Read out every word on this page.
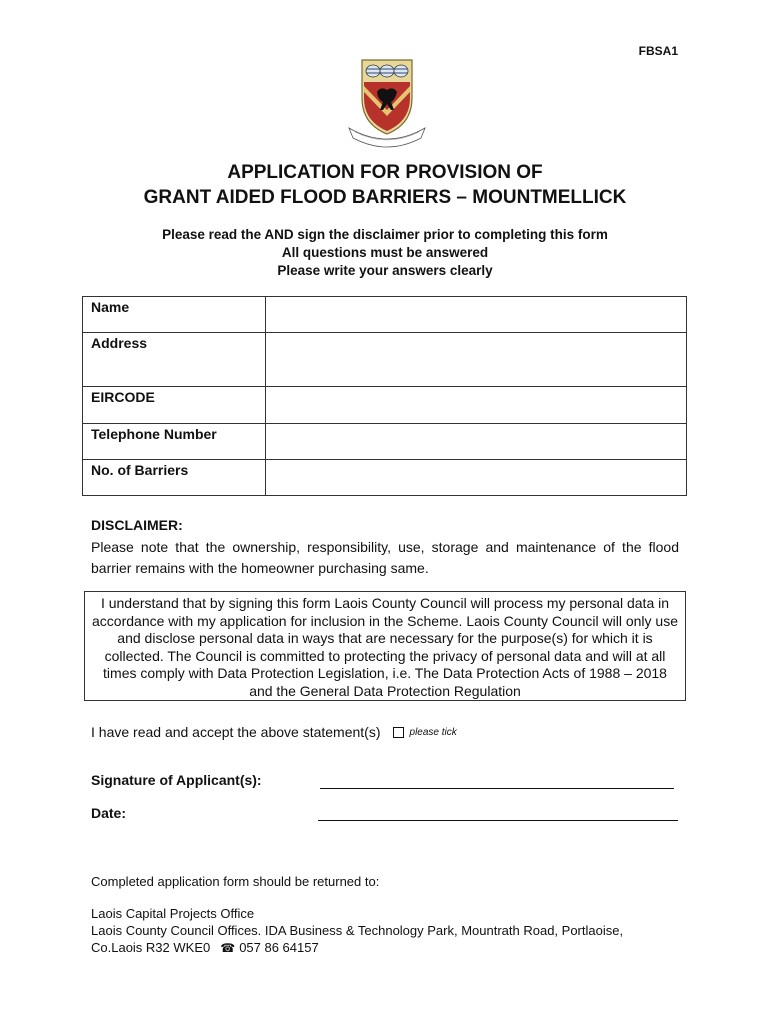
FBSA1
APPLICATION FOR PROVISION OF
GRANT AIDED FLOOD BARRIERS – MOUNTMELLICK
Please read the AND sign the disclaimer prior to completing this form
All questions must be answered
Please write your answers clearly
Name	
Address	
EIRCODE	
Telephone Number	
No. of Barriers	
DISCLAIMER:
Please note that the ownership, responsibility, use, storage and maintenance of the flood barrier remains with the homeowner purchasing same.
I understand that by signing this form Laois County Council will process my personal data in accordance with my application for inclusion in the Scheme. Laois County Council will only use and disclose personal data in ways that are necessary for the purpose(s) for which it is collected. The Council is committed to protecting the privacy of personal data and will at all times comply with Data Protection Legislation, i.e. The Data Protection Acts of 1988 – 2018 and the General Data Protection Regulation
I have read and accept the above statement(s)	please tick
Signature of Applicant(s):
Date:
Completed application form should be returned to:
Laois Capital Projects Office
Laois County Council Offices. IDA Business & Technology Park, Mountrath Road, Portlaoise,
Co.Laois R32 WKE0 ☎ 057 86 64157
